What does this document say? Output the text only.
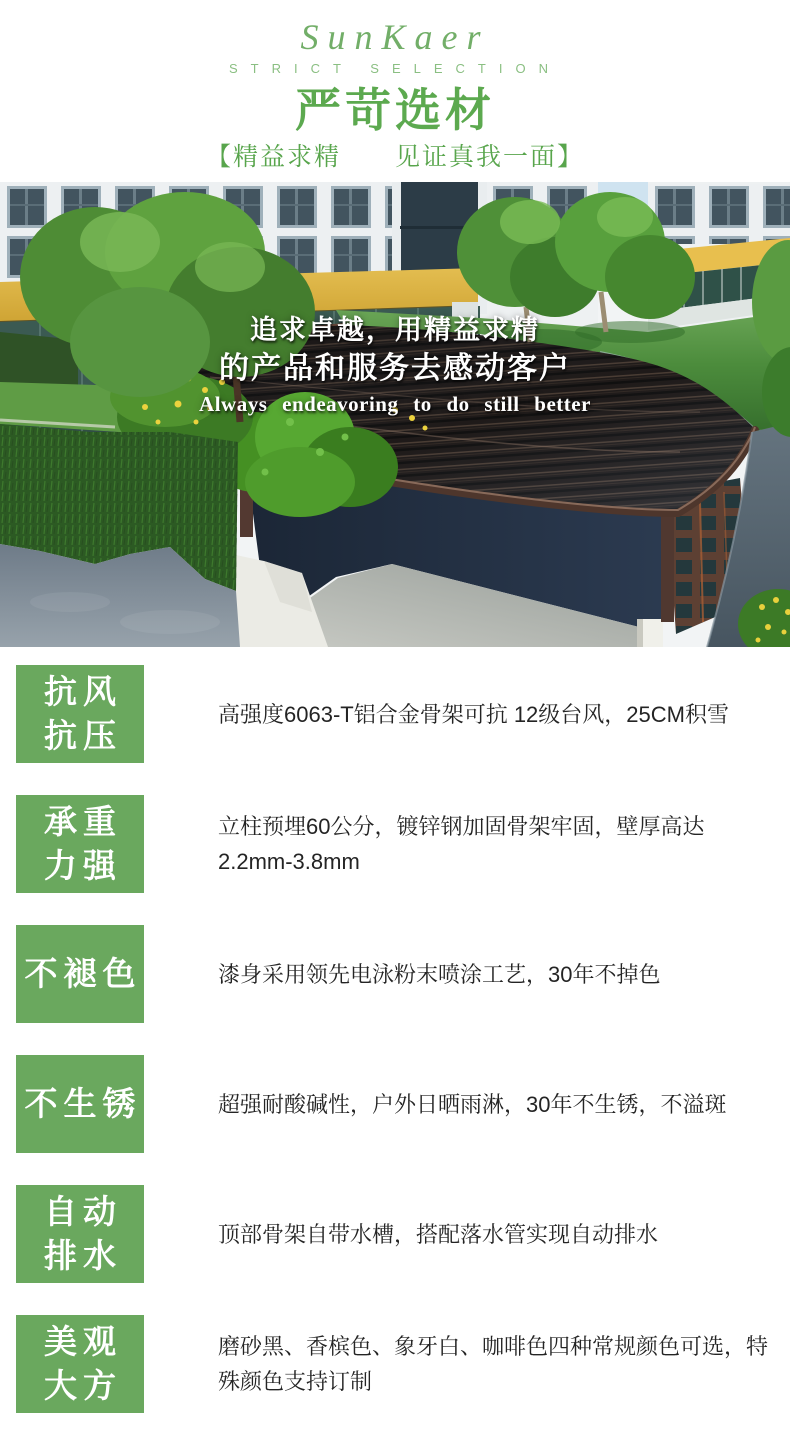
SunKaer
STRICT SELECTION
严苛选材
【精益求精　　见证真我一面】
追求卓越，用精益求精
的产品和服务去感动客户
Always endeavoring to do still better
抗风
抗压

高强度6063-T铝合金骨架可抗 12级台风，25CM积雪

承重
力强

立柱预埋60公分，镀锌钢加固骨架牢固，壁厚高达2.2mm-3.8mm

不褪色	漆身采用领先电泳粉末喷涂工艺，30年不掉色

不生锈	超强耐酸碱性，户外日晒雨淋，30年不生锈，不溢斑

自动
排水

顶部骨架自带水槽，搭配落水管实现自动排水

美观
大方

磨砂黑、香槟色、象牙白、咖啡色四种常规颜色可选，特殊颜色支持订制
